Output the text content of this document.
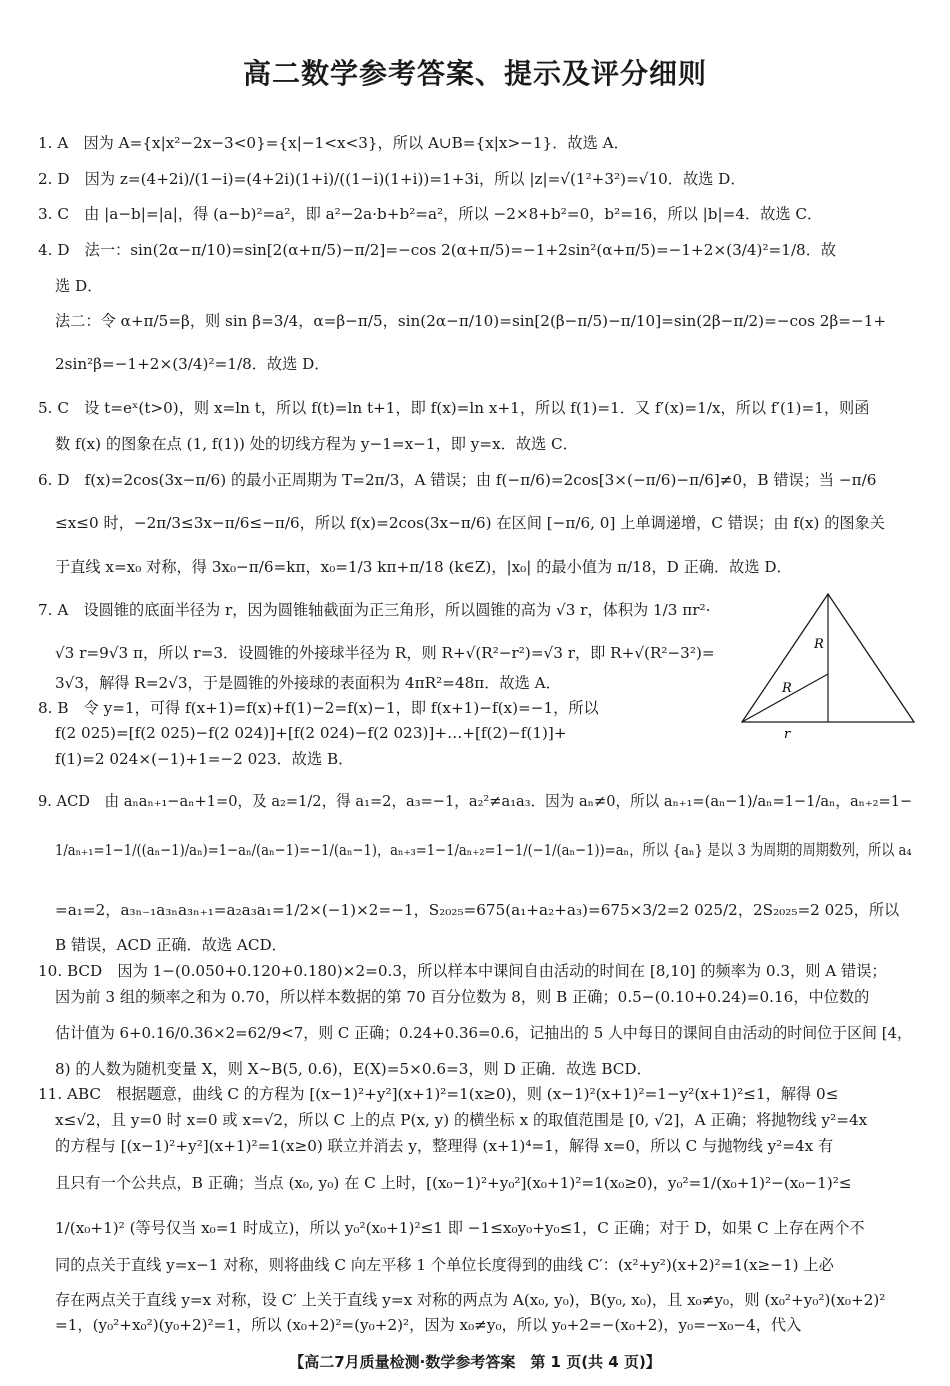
高二数学参考答案、提示及评分细则
1. A　因为 A={x|x²−2x−3<0}={x|−1<x<3}，所以 A∪B={x|x>−1}．故选 A．
2. D　因为 z=(4+2i)/(1−i)=(4+2i)(1+i)/((1−i)(1+i))=1+3i，所以 |z|=√(1²+3²)=√10．故选 D．
3. C　由 |a−b|=|a|，得 (a−b)²=a²，即 a²−2a·b+b²=a²，所以 −2×8+b²=0，b²=16，所以 |b|=4．故选 C．
4. D　法一：sin(2α−π/10)=sin[2(α+π/5)−π/2]=−cos 2(α+π/5)=−1+2sin²(α+π/5)=−1+2×(3/4)²=1/8．故
选 D．
法二：令 α+π/5=β，则 sin β=3/4，α=β−π/5，sin(2α−π/10)=sin[2(β−π/5)−π/10]=sin(2β−π/2)=−cos 2β=−1+
2sin²β=−1+2×(3/4)²=1/8．故选 D．
5. C　设 t=eˣ(t>0)，则 x=ln t，所以 f(t)=ln t+1，即 f(x)=ln x+1，所以 f(1)=1．又 f′(x)=1/x，所以 f′(1)=1，则函
数 f(x) 的图象在点 (1, f(1)) 处的切线方程为 y−1=x−1，即 y=x．故选 C．
6. D　f(x)=2cos(3x−π/6) 的最小正周期为 T=2π/3，A 错误；由 f(−π/6)=2cos[3×(−π/6)−π/6]≠0，B 错误；当 −π/6
≤x≤0 时，−2π/3≤3x−π/6≤−π/6，所以 f(x)=2cos(3x−π/6) 在区间 [−π/6, 0] 上单调递增，C 错误；由 f(x) 的图象关
于直线 x=x₀ 对称，得 3x₀−π/6=kπ，x₀=1/3 kπ+π/18 (k∈Z)，|x₀| 的最小值为 π/18，D 正确．故选 D．
7. A　设圆锥的底面半径为 r，因为圆锥轴截面为正三角形，所以圆锥的高为 √3 r，体积为 1/3 πr²·
√3 r=9√3 π，所以 r=3．设圆锥的外接球半径为 R，则 R+√(R²−r²)=√3 r，即 R+√(R²−3²)=
3√3，解得 R=2√3，于是圆锥的外接球的表面积为 4πR²=48π．故选 A．
8. B　令 y=1，可得 f(x+1)=f(x)+f(1)−2=f(x)−1，即 f(x+1)−f(x)=−1，所以
f(2 025)=[f(2 025)−f(2 024)]+[f(2 024)−f(2 023)]+…+[f(2)−f(1)]+
f(1)=2 024×(−1)+1=−2 023．故选 B．
9. ACD　由 aₙaₙ₊₁−aₙ+1=0，及 a₂=1/2，得 a₁=2，a₃=−1，a₂²≠a₁a₃．因为 aₙ≠0，所以 aₙ₊₁=(aₙ−1)/aₙ=1−1/aₙ，aₙ₊₂=1−
1/aₙ₊₁=1−1/((aₙ−1)/aₙ)=1−aₙ/(aₙ−1)=−1/(aₙ−1)，aₙ₊₃=1−1/aₙ₊₂=1−1/(−1/(aₙ−1))=aₙ，所以 {aₙ} 是以 3 为周期的周期数列，所以 a₄
=a₁=2，a₃ₙ₋₁a₃ₙa₃ₙ₊₁=a₂a₃a₁=1/2×(−1)×2=−1，S₂₀₂₅=675(a₁+a₂+a₃)=675×3/2=2 025/2，2S₂₀₂₅=2 025，所以
B 错误，ACD 正确．故选 ACD．
10. BCD　因为 1−(0.050+0.120+0.180)×2=0.3，所以样本中课间自由活动的时间在 [8,10] 的频率为 0.3，则 A 错误；
因为前 3 组的频率之和为 0.70，所以样本数据的第 70 百分位数为 8，则 B 正确；0.5−(0.10+0.24)=0.16，中位数的
估计值为 6+0.16/0.36×2=62/9<7，则 C 正确；0.24+0.36=0.6，记抽出的 5 人中每日的课间自由活动的时间位于区间 [4，
8) 的人数为随机变量 X，则 X~B(5, 0.6)，E(X)=5×0.6=3，则 D 正确．故选 BCD．
11. ABC　根据题意，曲线 C 的方程为 [(x−1)²+y²](x+1)²=1(x≥0)，则 (x−1)²(x+1)²=1−y²(x+1)²≤1，解得 0≤
x≤√2，且 y=0 时 x=0 或 x=√2，所以 C 上的点 P(x, y) 的横坐标 x 的取值范围是 [0, √2]，A 正确；将抛物线 y²=4x
的方程与 [(x−1)²+y²](x+1)²=1(x≥0) 联立并消去 y，整理得 (x+1)⁴=1，解得 x=0，所以 C 与抛物线 y²=4x 有
且只有一个公共点，B 正确；当点 (x₀, y₀) 在 C 上时，[(x₀−1)²+y₀²](x₀+1)²=1(x₀≥0)，y₀²=1/(x₀+1)²−(x₀−1)²≤
1/(x₀+1)² (等号仅当 x₀=1 时成立)，所以 y₀²(x₀+1)²≤1 即 −1≤x₀y₀+y₀≤1，C 正确；对于 D，如果 C 上存在两个不
同的点关于直线 y=x−1 对称，则将曲线 C 向左平移 1 个单位长度得到的曲线 C′：(x²+y²)(x+2)²=1(x≥−1) 上必
存在两点关于直线 y=x 对称，设 C′ 上关于直线 y=x 对称的两点为 A(x₀, y₀)，B(y₀, x₀)，且 x₀≠y₀，则 (x₀²+y₀²)(x₀+2)²
=1，(y₀²+x₀²)(y₀+2)²=1，所以 (x₀+2)²=(y₀+2)²，因为 x₀≠y₀，所以 y₀+2=−(x₀+2)，y₀=−x₀−4，代入
R
R
r
【高二7月质量检测·数学参考答案　第 1 页(共 4 页)】
